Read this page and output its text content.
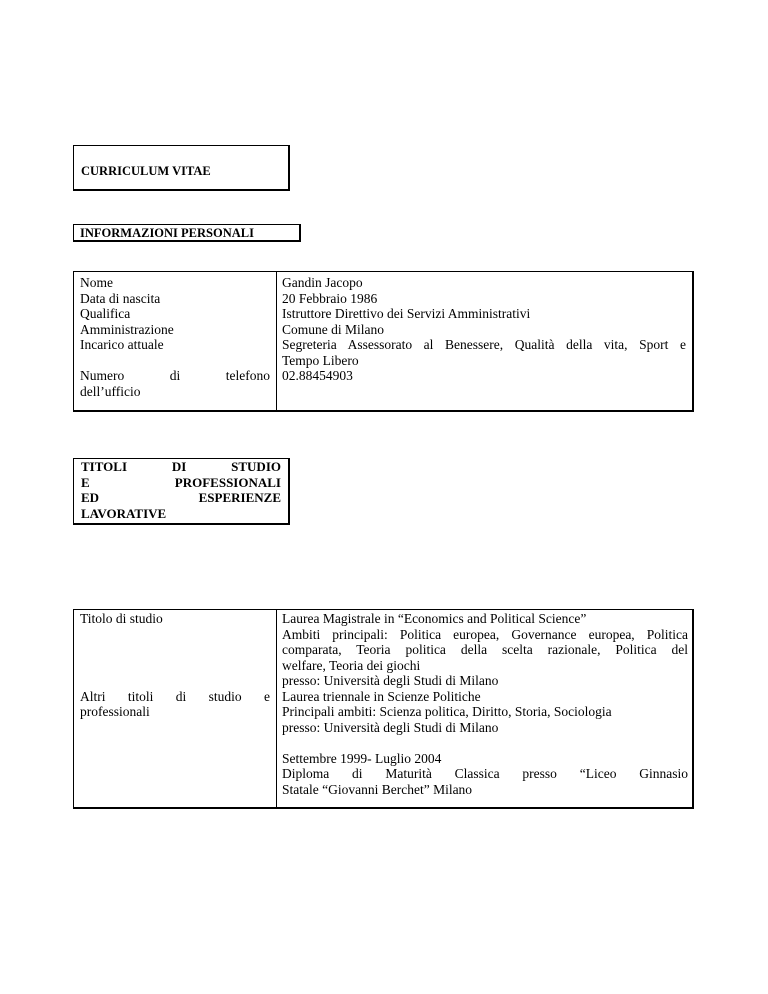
CURRICULUM VITAE
INFORMAZIONI PERSONALI
Nome
Data di nascita
Qualifica
Amministrazione
Incarico attuale
Numero di telefono
dell’ufficio
Gandin Jacopo
20 Febbraio 1986
Istruttore Direttivo dei Servizi Amministrativi
Comune di Milano
Segreteria Assessorato al Benessere, Qualità della vita, Sport e
Tempo Libero
02.88454903
TITOLI DI STUDIO
E PROFESSIONALI
ED ESPERIENZE
LAVORATIVE
Titolo di studio
Altri titoli di studio e
professionali
Laurea Magistrale in “Economics and Political Science”
Ambiti principali: Politica europea, Governance europea, Politica
comparata, Teoria politica della scelta razionale, Politica del
welfare, Teoria dei giochi
presso: Università degli Studi di Milano
Laurea triennale in Scienze Politiche
Principali ambiti: Scienza politica, Diritto, Storia, Sociologia
presso: Università degli Studi di Milano
Settembre 1999- Luglio 2004
Diploma di Maturità Classica presso “Liceo Ginnasio
Statale “Giovanni Berchet” Milano
